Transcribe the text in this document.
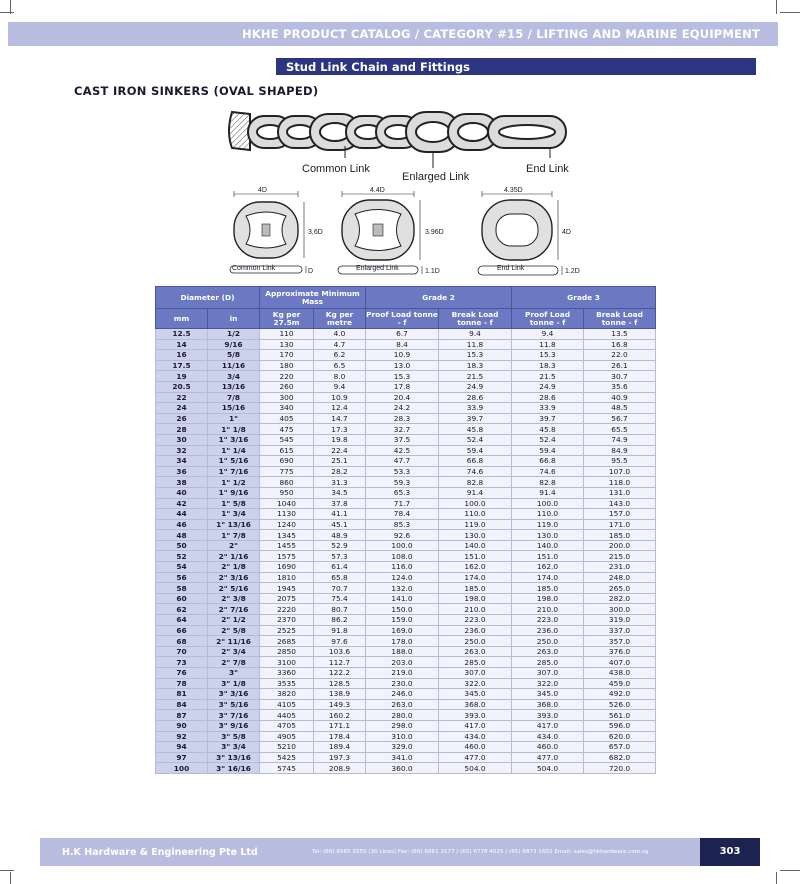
HKHE PRODUCT CATALOG / CATEGORY #15 / LIFTING AND MARINE EQUIPMENT
Stud Link Chain and Fittings
CAST IRON SINKERS (OVAL SHAPED)
Common Link
Enlarged Link
End Link
4D
3,6D
D
4.4D
3.96D
1.1D
4.35D
4D
1.2D
Common Link	Enlarged Link	End Link
Diameter (D)		Approximate Minimum Mass		Grade 2		Grade 3	
mm	in	Kg per 27.5m	Kg per metre	Proof Load tonne - f	Break Load tonne - f	Proof Load tonne - f	Break Load tonne - f
12.5	1/2	110	4.0	6.7	9.4	9.4	13.5
14	9/16	130	4.7	8.4	11.8	11.8	16.8
16	5/8	170	6.2	10.9	15.3	15.3	22.0
17.5	11/16	180	6.5	13.0	18.3	18.3	26.1
19	3/4	220	8.0	15.3	21.5	21.5	30.7
20.5	13/16	260	9.4	17.8	24.9	24.9	35.6
22	7/8	300	10.9	20.4	28.6	28.6	40.9
24	15/16	340	12.4	24.2	33.9	33.9	48.5
26	1"	405	14.7	28.3	39.7	39.7	56.7
28	1" 1/8	475	17.3	32.7	45.8	45.8	65.5
30	1" 3/16	545	19.8	37.5	52.4	52.4	74.9
32	1" 1/4	615	22.4	42.5	59.4	59.4	84.9
34	1" 5/16	690	25.1	47.7	66.8	66.8	95.5
36	1" 7/16	775	28.2	53.3	74.6	74.6	107.0
38	1" 1/2	860	31.3	59.3	82.8	82.8	118.0
40	1" 9/16	950	34.5	65.3	91.4	91.4	131.0
42	1" 5/8	1040	37.8	71.7	100.0	100.0	143.0
44	1" 3/4	1130	41.1	78.4	110.0	110.0	157.0
46	1" 13/16	1240	45.1	85.3	119.0	119.0	171.0
48	1" 7/8	1345	48.9	92.6	130.0	130.0	185.0
50	2"	1455	52.9	100.0	140.0	140.0	200.0
52	2" 1/16	1575	57.3	108.0	151.0	151.0	215.0
54	2" 1/8	1690	61.4	116.0	162.0	162.0	231.0
56	2" 3/16	1810	65.8	124.0	174.0	174.0	248.0
58	2" 5/16	1945	70.7	132.0	185.0	185.0	265.0
60	2" 3/8	2075	75.4	141.0	198.0	198.0	282.0
62	2" 7/16	2220	80.7	150.0	210.0	210.0	300.0
64	2" 1/2	2370	86.2	159.0	223.0	223.0	319.0
66	2" 5/8	2525	91.8	169.0	236.0	236.0	337.0
68	2" 11/16	2685	97.6	178.0	250.0	250.0	357.0
70	2" 3/4	2850	103.6	188.0	263.0	263.0	376.0
73	2" 7/8	3100	112.7	203.0	285.0	285.0	407.0
76	3"	3360	122.2	219.0	307.0	307.0	438.0
78	3" 1/8	3535	128.5	230.0	322.0	322.0	459.0
81	3" 3/16	3820	138.9	246.0	345.0	345.0	492.0
84	3" 5/16	4105	149.3	263.0	368.0	368.0	526.0
87	3" 7/16	4405	160.2	280.0	393.0	393.0	561.0
90	3" 9/16	4705	171.1	298.0	417.0	417.0	596.0
92	3" 5/8	4905	178.4	310.0	434.0	434.0	620.0
94	3" 3/4	5210	189.4	329.0	460.0	460.0	657.0
97	3" 13/16	5425	197.3	341.0	477.0	477.0	682.0
100	3" 16/16	5745	208.9	360.0	504.0	504.0	720.0
H.K Hardware & Engineering Pte Ltd	Tel: (65) 6565 5555 (30 Lines) Fax: (65) 6861 3177 / (65) 6778 4025 / (65) 6873 1602 Email: sales@hkhardware.com.sg	303
